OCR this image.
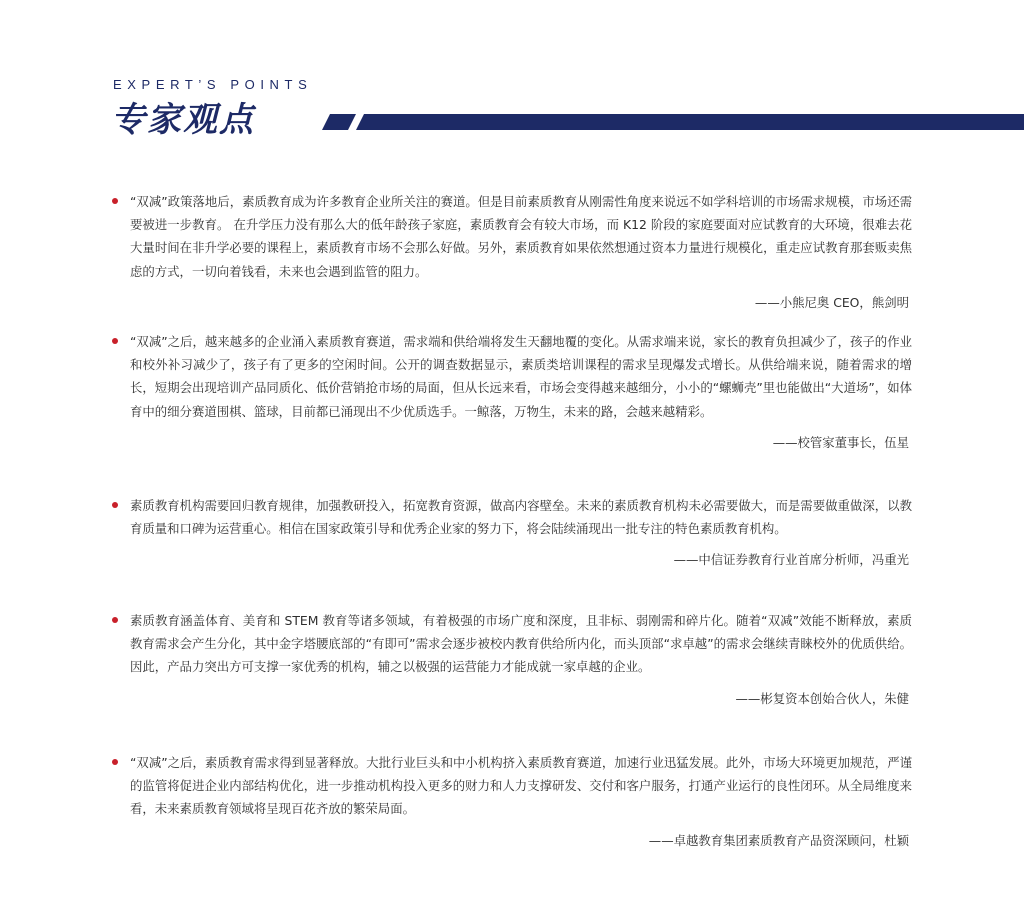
EXPERT’S POINTS
专家观点

“双减”政策落地后，素质教育成为许多教育企业所关注的赛道。但是目前素质教育从刚需性角度来说远不如学科培训的市场需求规模，市场还需要被进一步教育。 在升学压力没有那么大的低年龄孩子家庭，素质教育会有较大市场，而 K12 阶段的家庭要面对应试教育的大环境，很难去花大量时间在非升学必要的课程上，素质教育市场不会那么好做。另外，素质教育如果依然想通过资本力量进行规模化，重走应试教育那套贩卖焦虑的方式，一切向着钱看，未来也会遇到监管的阻力。

——小熊尼奥 CEO，熊剑明

“双减”之后，越来越多的企业涌入素质教育赛道，需求端和供给端将发生天翻地覆的变化。从需求端来说，家长的教育负担减少了，孩子的作业和校外补习减少了，孩子有了更多的空闲时间。公开的调查数据显示，素质类培训课程的需求呈现爆发式增长。从供给端来说，随着需求的增长，短期会出现培训产品同质化、低价营销抢市场的局面，但从长远来看，市场会变得越来越细分，小小的“螺蛳壳”里也能做出“大道场”，如体育中的细分赛道围棋、篮球，目前都已涌现出不少优质选手。一鲸落，万物生，未来的路，会越来越精彩。

——校管家董事长，伍星

素质教育机构需要回归教育规律，加强教研投入，拓宽教育资源，做高内容壁垒。未来的素质教育机构未必需要做大，而是需要做重做深，以教育质量和口碑为运营重心。相信在国家政策引导和优秀企业家的努力下，将会陆续涌现出一批专注的特色素质教育机构。

——中信证券教育行业首席分析师，冯重光

素质教育涵盖体育、美育和 STEM 教育等诸多领域，有着极强的市场广度和深度，且非标、弱刚需和碎片化。随着“双减”效能不断释放，素质教育需求会产生分化，其中金字塔腰底部的“有即可”需求会逐步被校内教育供给所内化，而头顶部“求卓越”的需求会继续青睐校外的优质供给。因此，产品力突出方可支撑一家优秀的机构，辅之以极强的运营能力才能成就一家卓越的企业。

——彬复资本创始合伙人，朱健

“双减”之后，素质教育需求得到显著释放。大批行业巨头和中小机构挤入素质教育赛道，加速行业迅猛发展。此外，市场大环境更加规范，严谨的监管将促进企业内部结构优化，进一步推动机构投入更多的财力和人力支撑研发、交付和客户服务，打通产业运行的良性闭环。从全局维度来看，未来素质教育领域将呈现百花齐放的繁荣局面。

——卓越教育集团素质教育产品资深顾问，杜颖
